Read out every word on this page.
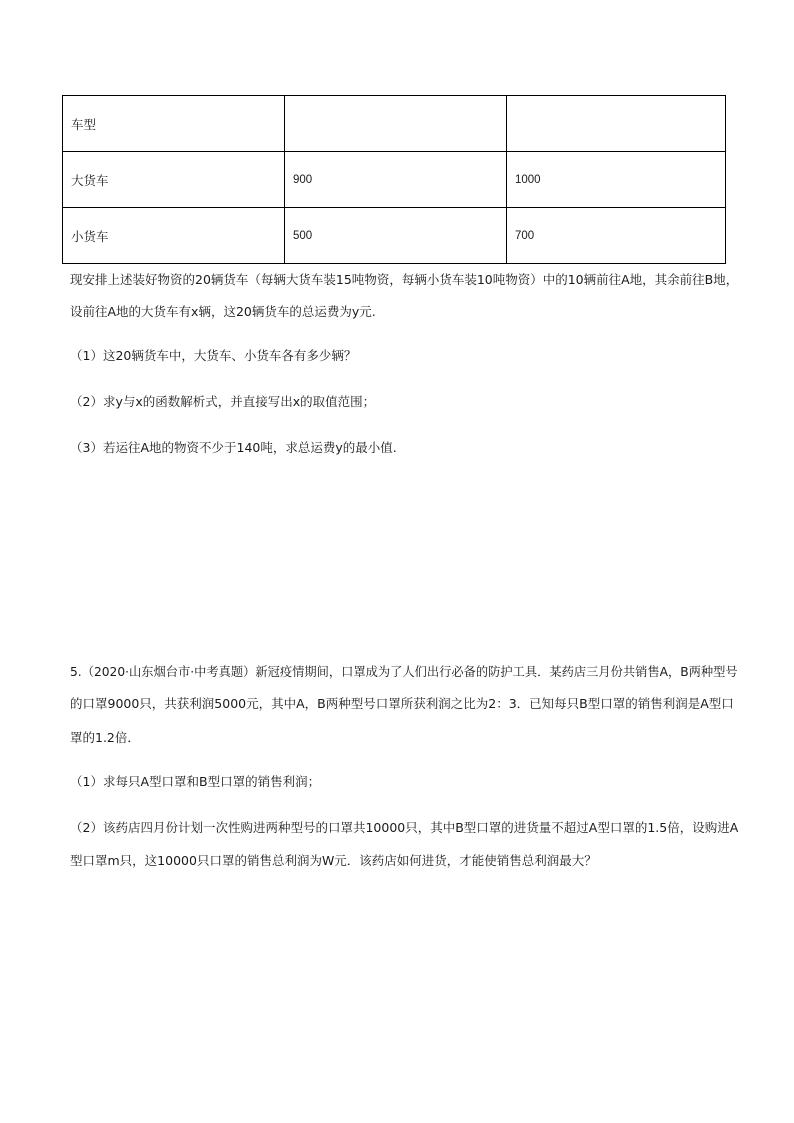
车型		
大货车	900	1000
小货车	500	700
现安排上述装好物资的20辆货车（每辆大货车装15吨物资，每辆小货车装10吨物资）中的10辆前往A地，其余前往B地，
设前往A地的大货车有x辆，这20辆货车的总运费为y元.
（1）这20辆货车中，大货车、小货车各有多少辆？
（2）求y与x的函数解析式，并直接写出x的取值范围；
（3）若运往A地的物资不少于140吨，求总运费y的最小值.
5.（2020·山东烟台市·中考真题）新冠疫情期间，口罩成为了人们出行必备的防护工具．某药店三月份共销售A，B两种型号
的口罩9000只，共获利润5000元，其中A，B两种型号口罩所获利润之比为2：3．已知每只B型口罩的销售利润是A型口
罩的1.2倍．
（1）求每只A型口罩和B型口罩的销售利润；
（2）该药店四月份计划一次性购进两种型号的口罩共10000只，其中B型口罩的进货量不超过A型口罩的1.5倍，设购进A
型口罩m只，这10000只口罩的销售总利润为W元．该药店如何进货，才能使销售总利润最大？
